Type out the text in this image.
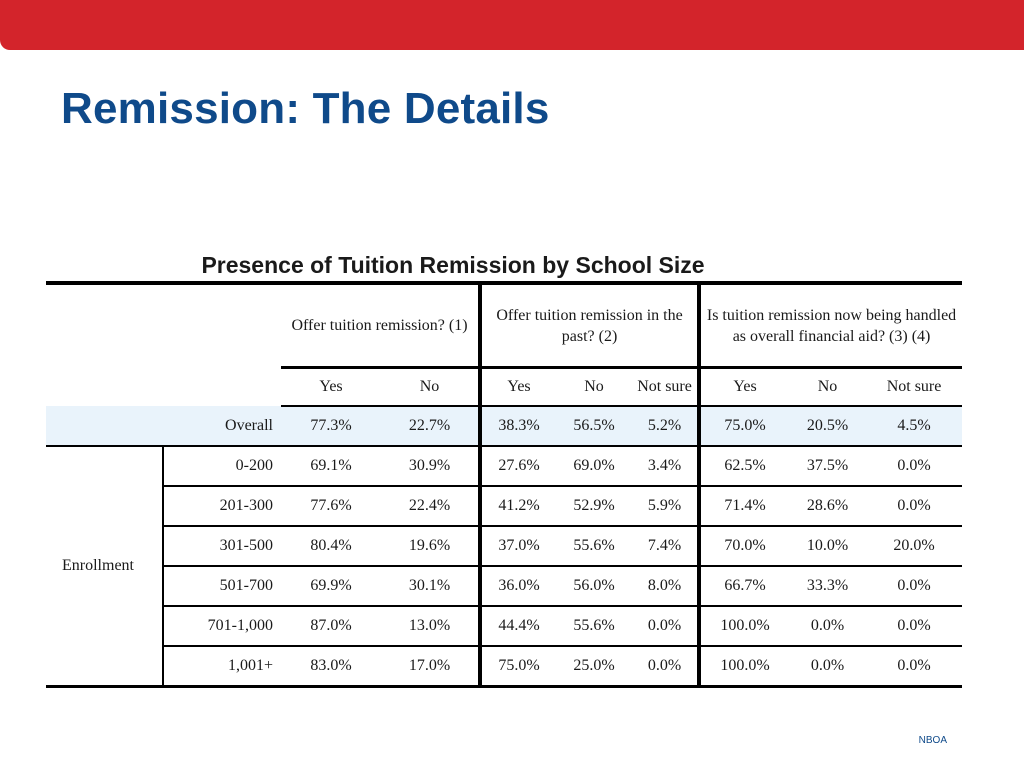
Remission: The Details
Presence of Tuition Remission by School Size
		Offer tuition remission? (1)		Offer tuition remission in the past? (2)			Is tuition remission now being handled as overall financial aid? (3) (4)		
		Yes	No	Yes	No	Not sure	Yes	No	Not sure
Overall		77.3%	22.7%	38.3%	56.5%	5.2%	75.0%	20.5%	4.5%
Enrollment	0-200	69.1%	30.9%	27.6%	69.0%	3.4%	62.5%	37.5%	0.0%
	201-300	77.6%	22.4%	41.2%	52.9%	5.9%	71.4%	28.6%	0.0%
	301-500	80.4%	19.6%	37.0%	55.6%	7.4%	70.0%	10.0%	20.0%
	501-700	69.9%	30.1%	36.0%	56.0%	8.0%	66.7%	33.3%	0.0%
	701-1,000	87.0%	13.0%	44.4%	55.6%	0.0%	100.0%	0.0%	0.0%
	1,001+	83.0%	17.0%	75.0%	25.0%	0.0%	100.0%	0.0%	0.0%
NBOA
